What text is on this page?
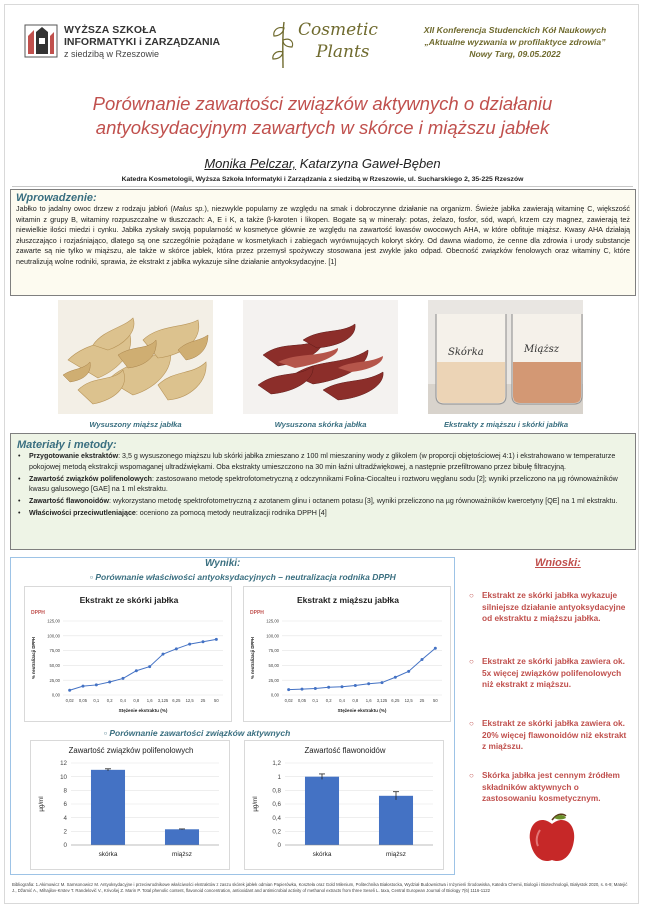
WYŻSZA SZKOŁA
INFORMATYKI i ZARZĄDZANIA
z siedzibą w Rzeszowie
Cosmetic
Plants
XII Konferencja Studenckich Kół Naukowych
„Aktualne wyzwania w profilaktyce zdrowia”
Nowy Targ, 09.05.2022
Porównanie zawartości związków aktywnych o działaniu
antyoksydacyjnym zawartych w skórce i miąższu jabłek
Monika Pelczar, Katarzyna Gaweł-Bęben
Katedra Kosmetologii, Wyższa Szkoła Informatyki i Zarządzania z siedzibą w Rzeszowie, ul. Sucharskiego 2, 35-225 Rzeszów
Wprowadzenie:
Jabłko to jadalny owoc drzew z rodzaju jabłoń (Malus sp.), niezwykle popularny ze względu na smak i dobroczynne działanie na organizm. Świeże jabłka zawierają witaminę C, większość witamin z grupy B, witaminy rozpuszczalne w tłuszczach: A, E i K, a także β-karoten i likopen. Bogate są w minerały: potas, żelazo, fosfor, sód, wapń, krzem czy magnez, zawierają też niewielkie ilości miedzi i cynku. Jabłka zyskały swoją popularność w kosmetyce głównie ze względu na zawartość kwasów owocowych AHA, w które obfituje miąższ. Kwasy AHA działają złuszczająco i rozjaśniająco, dlatego są one szczególnie pożądane w kosmetykach i zabiegach wyrównujących koloryt skóry. Od dawna wiadomo, że cenne dla zdrowia i urody substancje zawarte są nie tylko w miąższu, ale także w skórce jabłek, która przez przemysł spożywczy stosowana jest zwykle jako odpad. Obecność związków fenolowych oraz witaminy C, które neutralizują wolne rodniki, sprawia, że ekstrakt z jabłka wykazuje silne działanie antyoksydacyjne. [1]
Skórka	Miąższ
Wysuszony miąższ jabłka	Wysuszona skórka jabłka	Ekstrakty z miąższu i skórki jabłka
Materiały i metody:
• Przygotowanie ekstraktów: 3,5 g wysuszonego miąższu lub skórki jabłka zmieszano z 100 ml mieszaniny wody z glikolem (w proporcji objętościowej 4:1) i ekstrahowano w temperaturze pokojowej metodą ekstrakcji wspomaganej ultradźwiękami. Oba ekstrakty umieszczono na 30 min łaźni ultradźwiękowej, a następnie przefiltrowano przez bibułę filtracyjną.
• Zawartość związków polifenolowych: zastosowano metodę spektrofotometryczną z odczynnikami Folina-Ciocalteu i roztworu węglanu sodu [2]; wyniki przeliczono na µg równoważników kwasu galusowego [GAE] na 1 ml ekstraktu.
• Zawartość flawonoidów: wykorzystano metodę spektrofotometryczną z azotanem glinu i octanem potasu [3], wyniki przeliczono na µg równoważników kwercetyny [QE] na 1 ml ekstraktu.
• Właściwości przeciwutleniające: oceniono za pomocą metody neutralizacji rodnika DPPH [4]
Wyniki:
▫ Porównanie właściwości antyoksydacyjnych – neutralizacja rodnika DPPH
▫ Porównanie zawartości związków aktywnych
Ekstrakt ze skórki jabłka
DPPH
0,00
25,00
50,00
75,00
100,00
125,00
0,02 0,05 0,1 0,2 0,4 0,8 1,6 3,125 6,25 12,5 25 50
Stężenie ekstraktu (%)
% neutralizacji DPPH
Ekstrakt z miąższu jabłka
DPPH
0,00
25,00
50,00
75,00
100,00
125,00
0,02 0,05 0,1 0,2 0,4 0,8 1,6 3,125 6,25 12,5 25 50
Stężenie ekstraktu (%)
% neutralizacji DPPH
Zawartość związków polifenolowych
0
2
4
6
8
10
12
skórka	miąższ
µg/ml
Zawartość flawonoidów
0
0,2
0,4
0,6
0,8
1
1,2
skórka	miąższ
µg/ml
Wnioski:
○ Ekstrakt ze skórki jabłka wykazuje silniejsze działanie antyoksydacyjne od ekstraktu z miąższu jabłka.
○ Ekstrakt ze skórki jabłka zawiera ok. 5x więcej związków polifenolowych niż ekstrakt z miąższu.
○ Ekstrakt ze skórki jabłka zawiera ok. 20% więcej flawonoidów niż ekstrakt z miąższu.
○ Skórka jabłka jest cennym źródłem składników aktywnych o zastosowaniu kosmetycznym.
Bibliografia: 1.Akimowicz M. Samsonowicz M. Antyoksydacyjne i przeciwrodnikowe właściwości ekstraktów z zaszu skórek jabłek odmian Papierówka, Koszteła oraz Gold Milenium, Politechnika Białostocka, Wydział Budownictwa i Inżynierii Środowiska, Katedra Chemii, Biologii i Biotechnologii, Białystok 2020, s. 6-9; Matejić J., Džamić A., Mihajilov-Krstev T. Randelović V., Krivošej Z. Marin P. Total phenolic content, flavonoid concentration, antioxidant and antimicrobial activity of methanol extracts from three Seseli L. taxa, Central European Journal of Biology 7(6) 1116-1122
